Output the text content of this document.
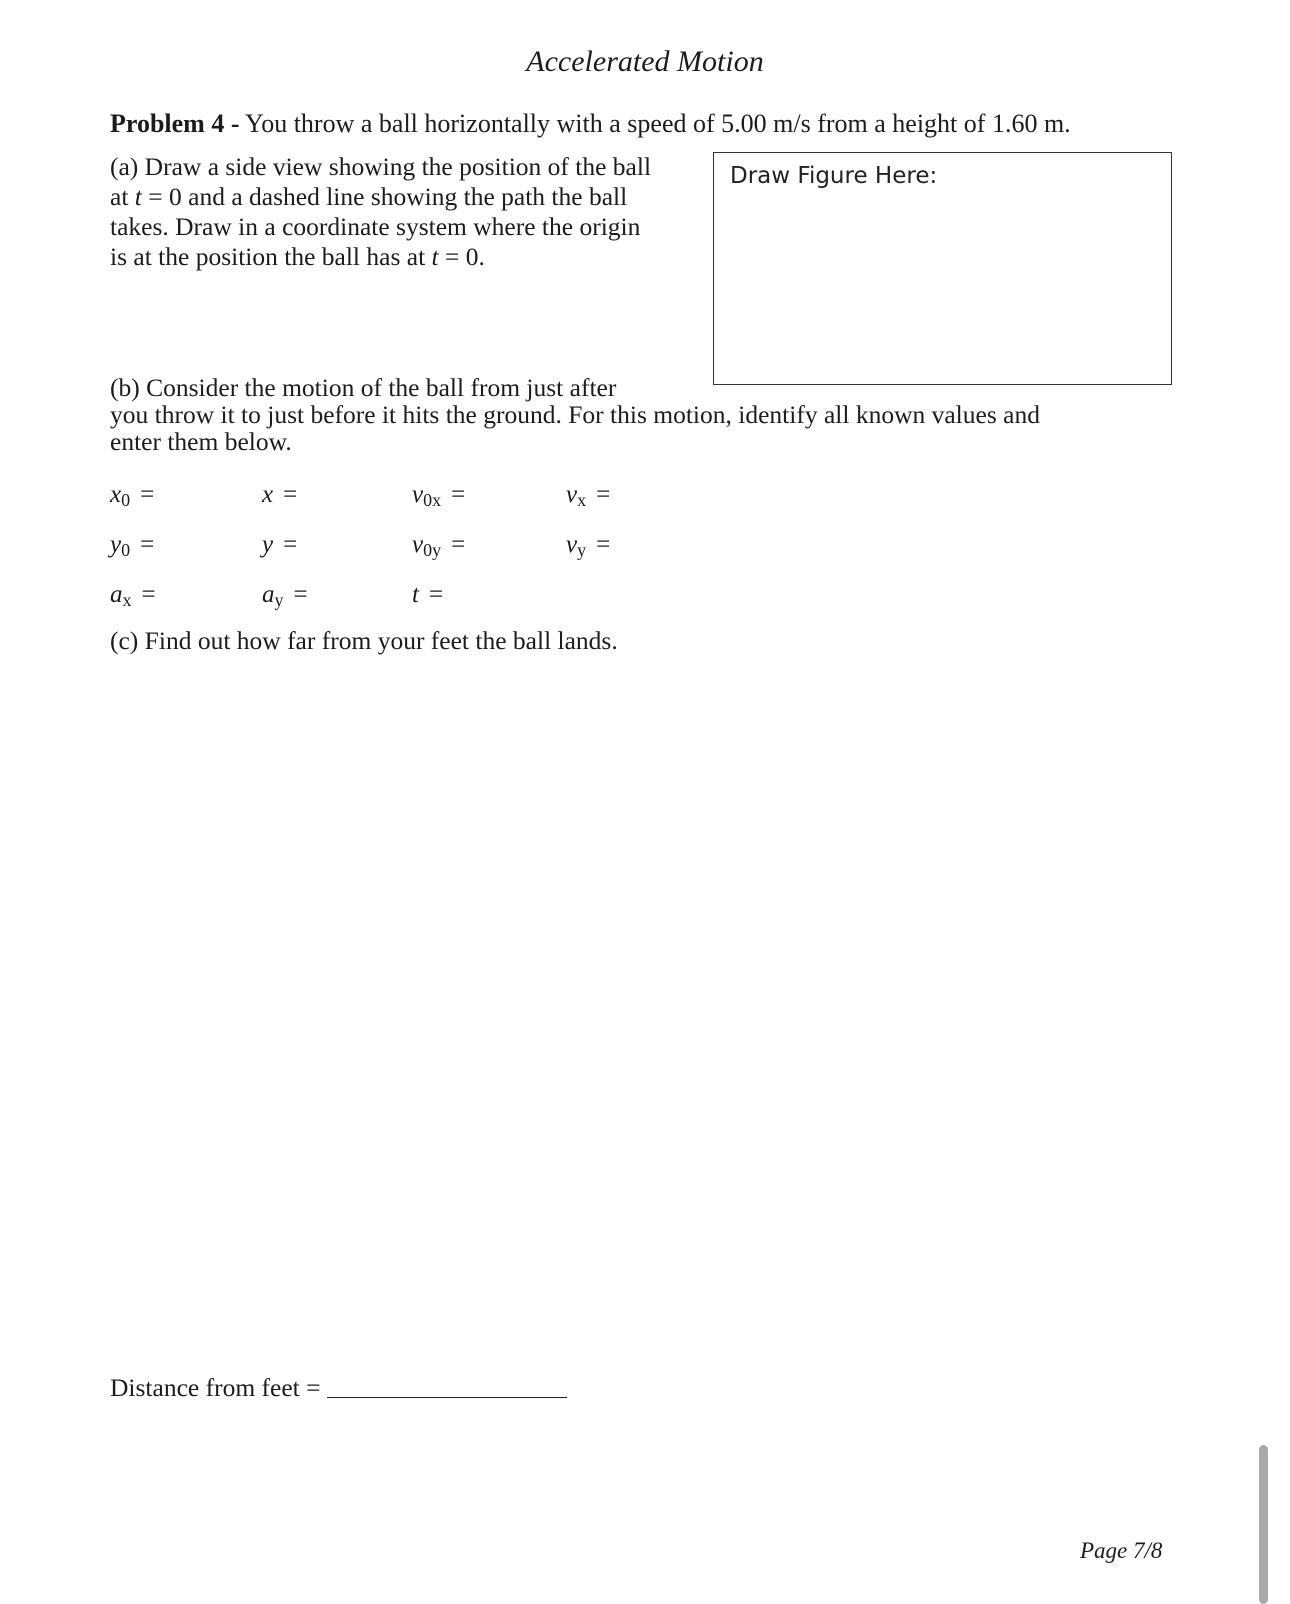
Accelerated Motion
Problem 4 - You throw a ball horizontally with a speed of 5.00 m/s from a height of 1.60 m.
(a) Draw a side view showing the position of the ball
at t = 0 and a dashed line showing the path the ball
takes. Draw in a coordinate system where the origin
is at the position the ball has at t = 0.
Draw Figure Here:
(b) Consider the motion of the ball from just after
you throw it to just before it hits the ground. For this motion, identify all known values and
enter them below.
$x_0$ =	x =	$v_{0x}$ =	$v_x$ =
$y_0$ =	y =	$v_{0y}$ =	$v_y$ =
$a_x$ =	$a_y$ =	t =
(c) Find out how far from your feet the ball lands.
Distance from feet =
Page 7/8
